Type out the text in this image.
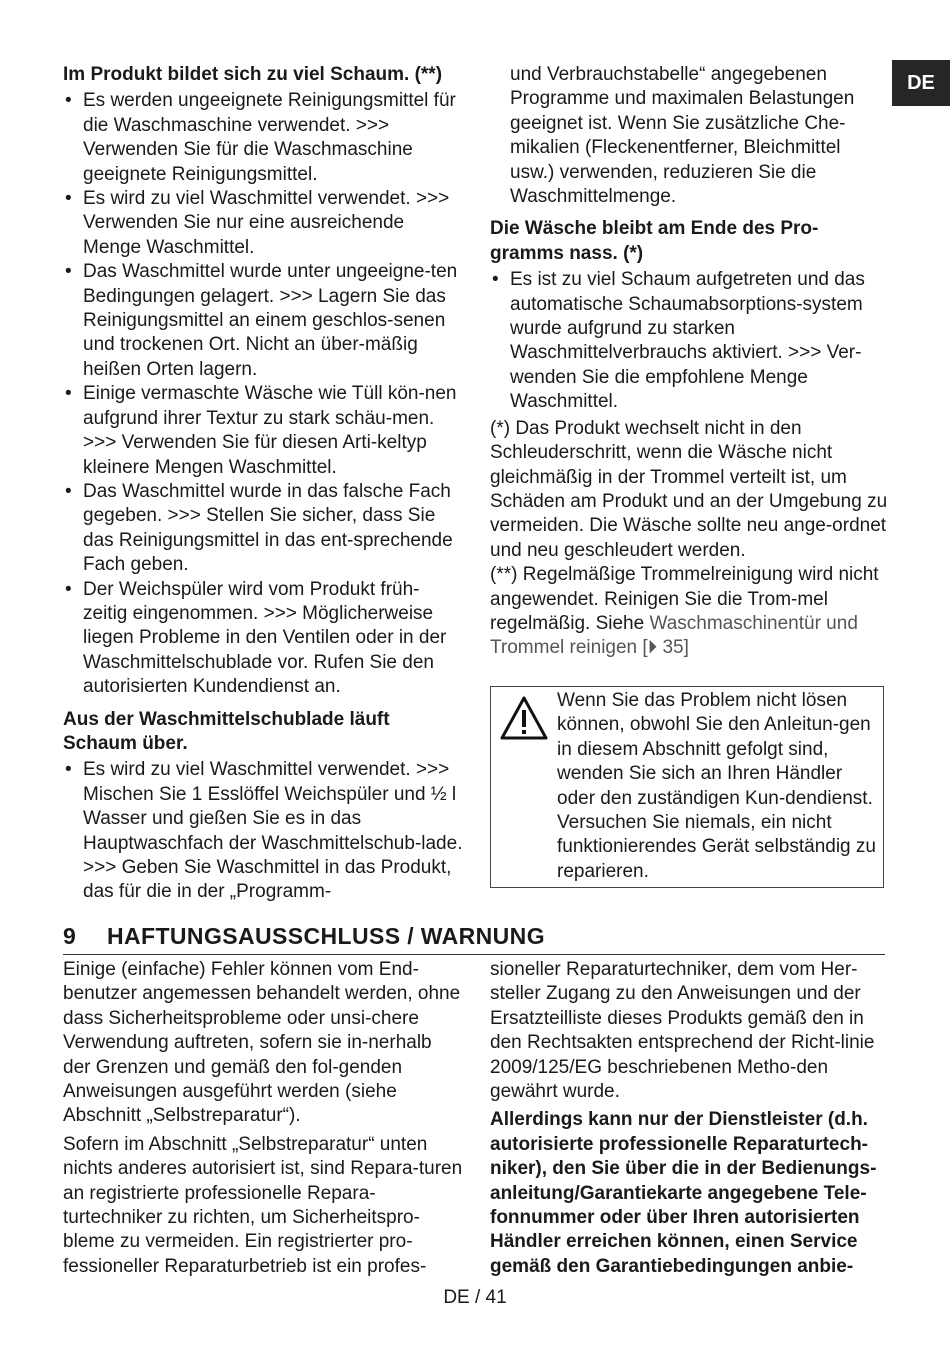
DE

Im Produkt bildet sich zu viel Schaum. (**)

• Es werden ungeeignete Reinigungsmittel für die Waschmaschine verwendet. >>> Verwenden Sie für die Waschmaschine geeignete Reinigungsmittel.
• Es wird zu viel Waschmittel verwendet. >>> Verwenden Sie nur eine ausreichende Menge Waschmittel.
• Das Waschmittel wurde unter ungeeigne-ten Bedingungen gelagert. >>> Lagern Sie das Reinigungsmittel an einem geschlos-senen und trockenen Ort. Nicht an über-mäßig heißen Orten lagern.
• Einige vermaschte Wäsche wie Tüll kön-nen aufgrund ihrer Textur zu stark schäu-men. >>> Verwenden Sie für diesen Arti-keltyp kleinere Mengen Waschmittel.
• Das Waschmittel wurde in das falsche Fach gegeben. >>> Stellen Sie sicher, dass Sie das Reinigungsmittel in das ent-sprechende Fach geben.
• Der Weichspüler wird vom Produkt früh-zeitig eingenommen. >>> Möglicherweise liegen Probleme in den Ventilen oder in der Waschmittelschublade vor. Rufen Sie den autorisierten Kundendienst an.

Aus der Waschmittelschublade läuft Schaum über.

• Es wird zu viel Waschmittel verwendet. >>> Mischen Sie 1 Esslöffel Weichspüler und ½ l Wasser und gießen Sie es in das Hauptwaschfach der Waschmittelschub-lade. >>> Geben Sie Waschmittel in das Produkt, das für die in der „Programm-

und Verbrauchstabelle“ angegebenen Programme und maximalen Belastungen geeignet ist. Wenn Sie zusätzliche Che-mikalien (Fleckenentferner, Bleichmittel usw.) verwenden, reduzieren Sie die Waschmittelmenge.

Die Wäsche bleibt am Ende des Pro-gramms nass. (*)

• Es ist zu viel Schaum aufgetreten und das automatische Schaumabsorptions-system wurde aufgrund zu starken Waschmittelverbrauchs aktiviert. >>> Ver-wenden Sie die empfohlene Menge Waschmittel.

(*) Das Produkt wechselt nicht in den Schleuderschritt, wenn die Wäsche nicht gleichmäßig in der Trommel verteilt ist, um Schäden am Produkt und an der Umgebung zu vermeiden. Die Wäsche sollte neu ange-ordnet und neu geschleudert werden.

(**) Regelmäßige Trommelreinigung wird nicht angewendet. Reinigen Sie die Trom-mel regelmäßig. Siehe Waschmaschinentür und Trommel reinigen [⏵ 35]

Wenn Sie das Problem nicht lösen können, obwohl Sie den Anleitun-gen in diesem Abschnitt gefolgt sind, wenden Sie sich an Ihren Händler oder den zuständigen Kun-dendienst. Versuchen Sie niemals, ein nicht funktionierendes Gerät selbständig zu reparieren.

9 HAFTUNGSAUSSCHLUSS / WARNUNG

Einige (einfache) Fehler können vom End-benutzer angemessen behandelt werden, ohne dass Sicherheitsprobleme oder unsi-chere Verwendung auftreten, sofern sie in-nerhalb der Grenzen und gemäß den fol-genden Anweisungen ausgeführt werden (siehe Abschnitt „Selbstreparatur“).

Sofern im Abschnitt „Selbstreparatur“ unten nichts anderes autorisiert ist, sind Repara-turen an registrierte professionelle Repara-turtechniker zu richten, um Sicherheitspro-bleme zu vermeiden. Ein registrierter pro-fessioneller Reparaturbetrieb ist ein profes-

sioneller Reparaturtechniker, dem vom Her-steller Zugang zu den Anweisungen und der Ersatzteilliste dieses Produkts gemäß den in den Rechtsakten entsprechend der Richt-linie 2009/125/EG beschriebenen Metho-den gewährt wurde.

Allerdings kann nur der Dienstleister (d.h. autorisierte professionelle Reparaturtech-niker), den Sie über die in der Bedienungs-anleitung/Garantiekarte angegebene Tele-fonnummer oder über Ihren autorisierten Händler erreichen können, einen Service gemäß den Garantiebedingungen anbie-

DE / 41
